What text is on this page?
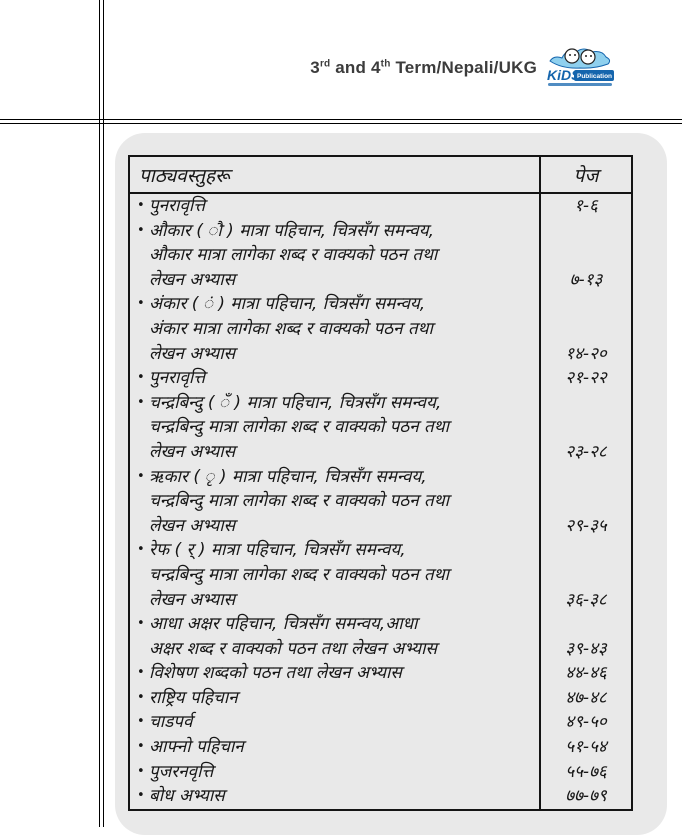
3rd and 4th Term/Nepali/UKG KiDS
Publication
पाठ्यवस्तुहरू	पेज
• पुनरावृत्ति	१-६
• औकार ( ौ ) मात्रा पहिचान, चित्रसँग समन्वय,
औकार मात्रा लागेका शब्द र वाक्यको पठन तथा
लेखन अभ्यास	७-१३
• अंकार ( ं ) मात्रा पहिचान, चित्रसँग समन्वय,
अंकार मात्रा लागेका शब्द र वाक्यको पठन तथा
लेखन अभ्यास	१४-२०
• पुनरावृत्ति	२१-२२
• चन्द्रबिन्दु ( ँ ) मात्रा पहिचान, चित्रसँग समन्वय,
चन्द्रबिन्दु मात्रा लागेका शब्द र वाक्यको पठन तथा
लेखन अभ्यास	२३-२८
• ऋकार ( ृ ) मात्रा पहिचान, चित्रसँग समन्वय,
चन्द्रबिन्दु मात्रा लागेका शब्द र वाक्यको पठन तथा
लेखन अभ्यास	२९-३५
• रेफ ( र् ) मात्रा पहिचान, चित्रसँग समन्वय,
चन्द्रबिन्दु मात्रा लागेका शब्द र वाक्यको पठन तथा
लेखन अभ्यास	३६-३८
• आधा अक्षर पहिचान, चित्रसँग समन्वय,आधा
अक्षर शब्द र वाक्यको पठन तथा लेखन अभ्यास	३९-४३
• विशेषण शब्दको पठन तथा लेखन अभ्यास	४४-४६
• राष्ट्रिय पहिचान	४७-४८
• चाडपर्व	४९-५०
• आफ्नो पहिचान	५१-५४
• पुजरनवृत्ति	५५-७६
• बोध अभ्यास	७७-७९
